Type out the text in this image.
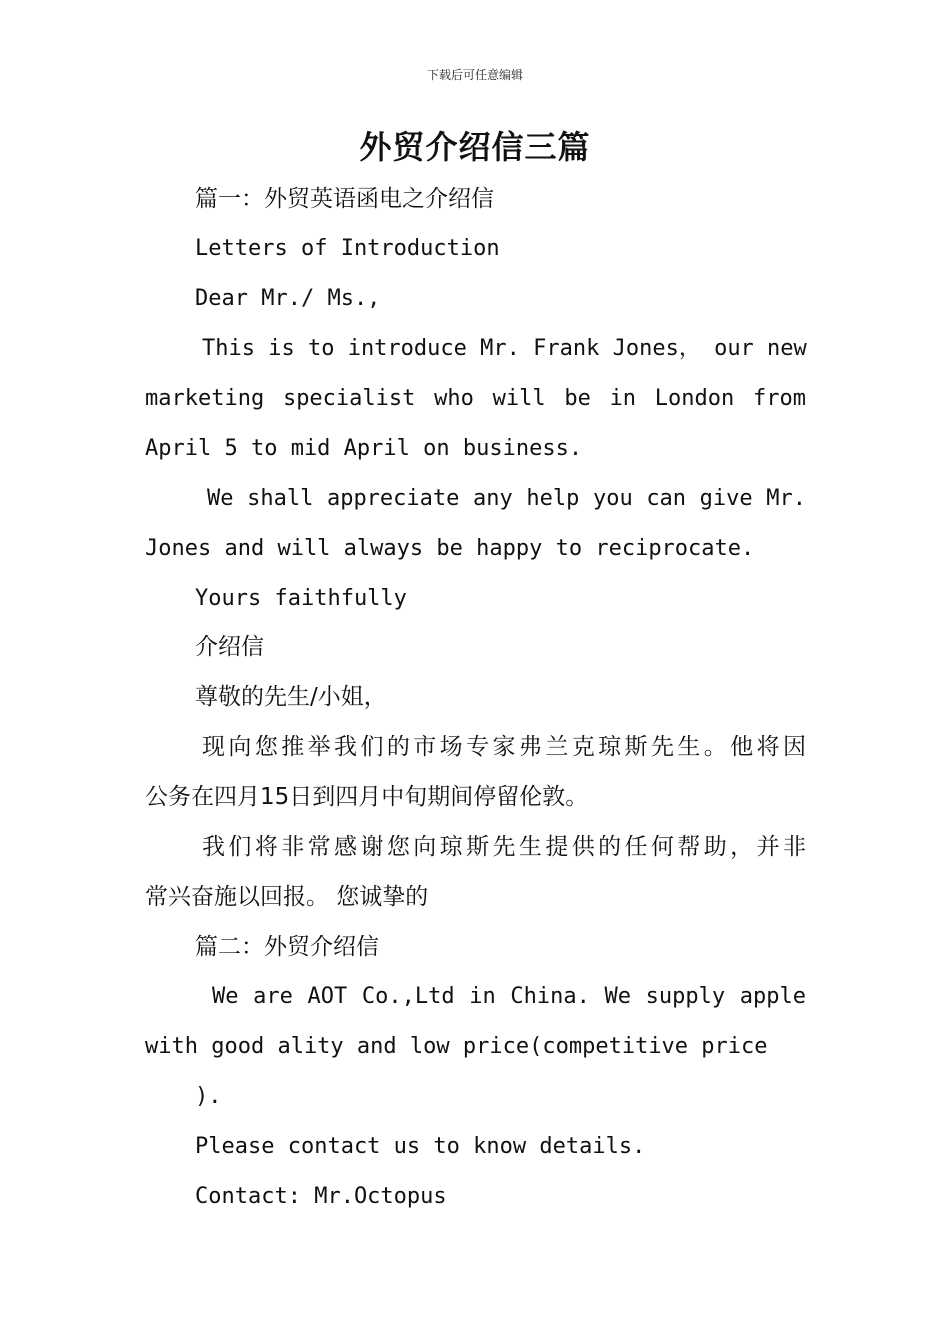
下载后可任意编辑
外贸介绍信三篇
篇一：外贸英语函电之介绍信
Letters of Introduction
Dear Mr./ Ms.,
This is to introduce Mr. Frank Jones， our new
marketing specialist who will be in London from
April 5 to mid April on business.
We shall appreciate any help you can give Mr.
Jones and will always be happy to reciprocate.
Yours faithfully
介绍信
尊敬的先生/小姐，
现向您推举我们的市场专家弗兰克琼斯先生。他将因
公务在四月15日到四月中旬期间停留伦敦。
我们将非常感谢您向琼斯先生提供的任何帮助，并非
常兴奋施以回报。 您诚挚的
篇二：外贸介绍信
We are AOT Co.,Ltd in China. We supply apple
with good ality and low price(competitive price
).
Please contact us to know details.
Contact: Mr.Octopus
